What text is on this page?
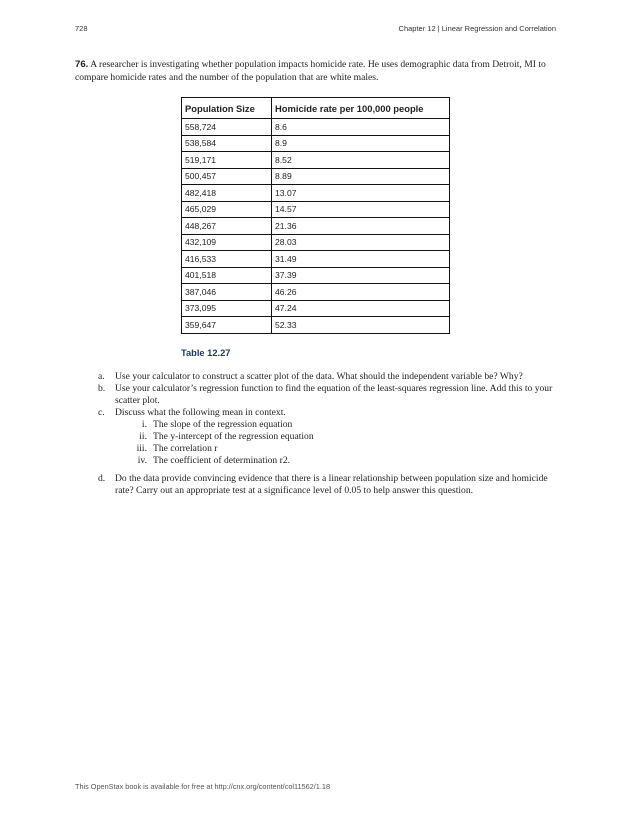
728	Chapter 12 | Linear Regression and Correlation
76. A researcher is investigating whether population impacts homicide rate. He uses demographic data from Detroit, MI to compare homicide rates and the number of the population that are white males.
Population Size	Homicide rate per 100,000 people
558,724	8.6
538,584	8.9
519,171	8.52
500,457	8.89
482,418	13.07
465,029	14.57
448,267	21.36
432,109	28.03
416,533	31.49
401,518	37.39
387,046	46.26
373,095	47.24
359,647	52.33
Table 12.27
a. Use your calculator to construct a scatter plot of the data. What should the independent variable be? Why?
b. Use your calculator’s regression function to find the equation of the least-squares regression line. Add this to your scatter plot.
c. Discuss what the following mean in context.
i. The slope of the regression equation
ii. The y-intercept of the regression equation
iii. The correlation r
iv. The coefficient of determination r2.
d. Do the data provide convincing evidence that there is a linear relationship between population size and homicide rate? Carry out an appropriate test at a significance level of 0.05 to help answer this question.
This OpenStax book is available for free at http://cnx.org/content/col11562/1.18
